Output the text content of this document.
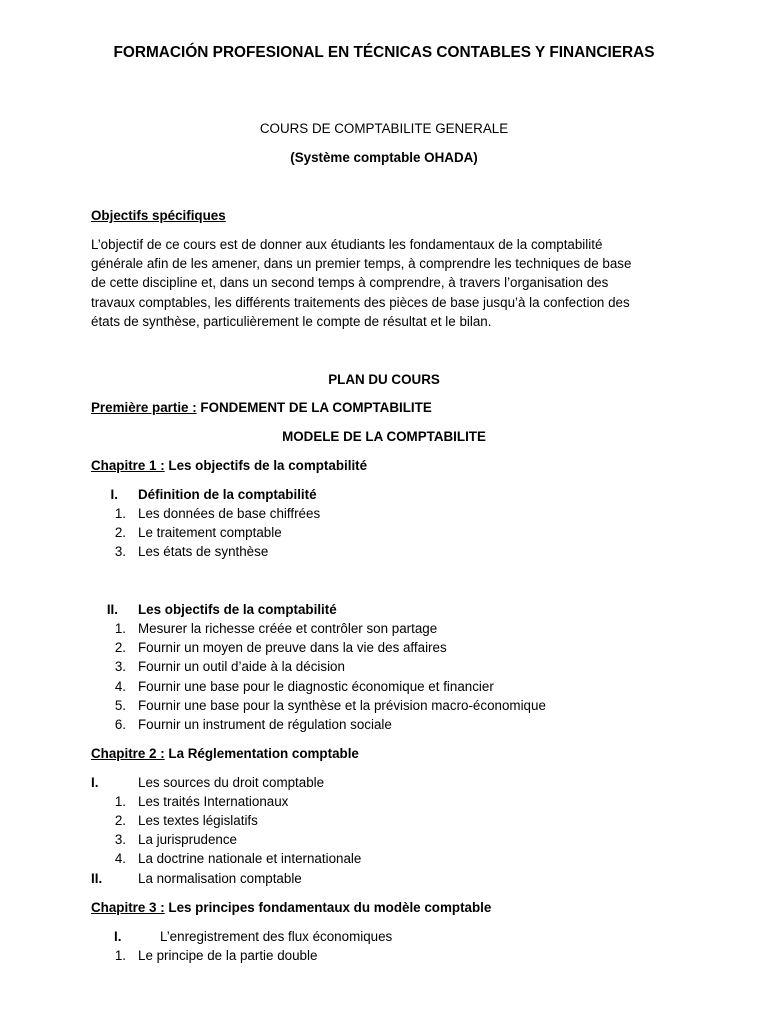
FORMACIÓN PROFESIONAL EN TÉCNICAS CONTABLES Y FINANCIERAS
COURS DE COMPTABILITE GENERALE
(Système comptable OHADA)
Objectifs spécifiques
L’objectif de ce cours est de donner aux étudiants les fondamentaux de la comptabilité
générale afin de les amener, dans un premier temps, à comprendre les techniques de base
de cette discipline et, dans un second temps à comprendre, à travers l’organisation des
travaux comptables, les différents traitements des pièces de base jusqu’à la confection des
états de synthèse, particulièrement le compte de résultat et le bilan.
PLAN DU COURS
Première partie : FONDEMENT DE LA COMPTABILITE
MODELE DE LA COMPTABILITE
Chapitre 1 : Les objectifs de la comptabilité
I. Définition de la comptabilité
1. Les données de base chiffrées
2. Le traitement comptable
3. Les états de synthèse
II. Les objectifs de la comptabilité
1. Mesurer la richesse créée et contrôler son partage
2. Fournir un moyen de preuve dans la vie des affaires
3. Fournir un outil d’aide à la décision
4. Fournir une base pour le diagnostic économique et financier
5. Fournir une base pour la synthèse et la prévision macro-économique
6. Fournir un instrument de régulation sociale
Chapitre 2 : La Réglementation comptable
I.	Les sources du droit comptable
1. Les traités Internationaux
2. Les textes législatifs
3. La jurisprudence
4. La doctrine nationale et internationale
II.	La normalisation comptable
Chapitre 3 : Les principes fondamentaux du modèle comptable
I.	L’enregistrement des flux économiques
1. Le principe de la partie double
